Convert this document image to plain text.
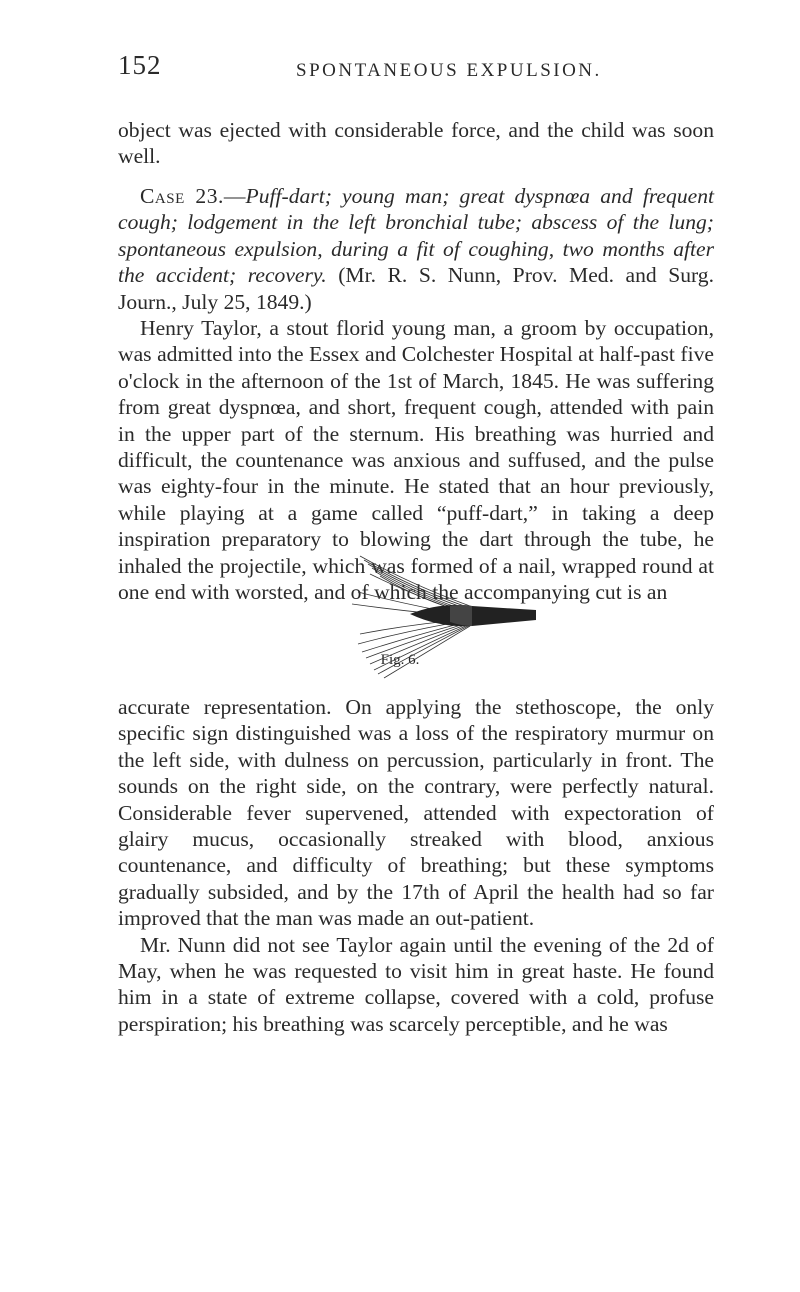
152	SPONTANEOUS EXPULSION.

object was ejected with considerable force, and the child was soon well.

Case 23.—Puff-dart; young man; great dyspnœa and frequent cough; lodgement in the left bronchial tube; abscess of the lung; spontaneous expulsion, during a fit of coughing, two months after the accident; recovery. (Mr. R. S. Nunn, Prov. Med. and Surg. Journ., July 25, 1849.)

Henry Taylor, a stout florid young man, a groom by occupation, was admitted into the Essex and Colchester Hospital at half-past five o'clock in the afternoon of the 1st of March, 1845. He was suffering from great dyspnœa, and short, frequent cough, attended with pain in the upper part of the sternum. His breathing was hurried and difficult, the countenance was anxious and suffused, and the pulse was eighty-four in the minute. He stated that an hour previously, while playing at a game called “puff-dart,” in taking a deep inspiration preparatory to blowing the dart through the tube, he inhaled the projectile, which was formed of a nail, wrapped round at one end with worsted, and of which the accompanying cut is an

Fig. 6.

accurate representation. On applying the stethoscope, the only specific sign distinguished was a loss of the respiratory murmur on the left side, with dulness on percussion, particularly in front. The sounds on the right side, on the contrary, were perfectly natural. Considerable fever supervened, attended with expectoration of glairy mucus, occasionally streaked with blood, anxious countenance, and difficulty of breathing; but these symptoms gradually subsided, and by the 17th of April the health had so far improved that the man was made an out-patient.

Mr. Nunn did not see Taylor again until the evening of the 2d of May, when he was requested to visit him in great haste. He found him in a state of extreme collapse, covered with a cold, profuse perspiration; his breathing was scarcely perceptible, and he was
